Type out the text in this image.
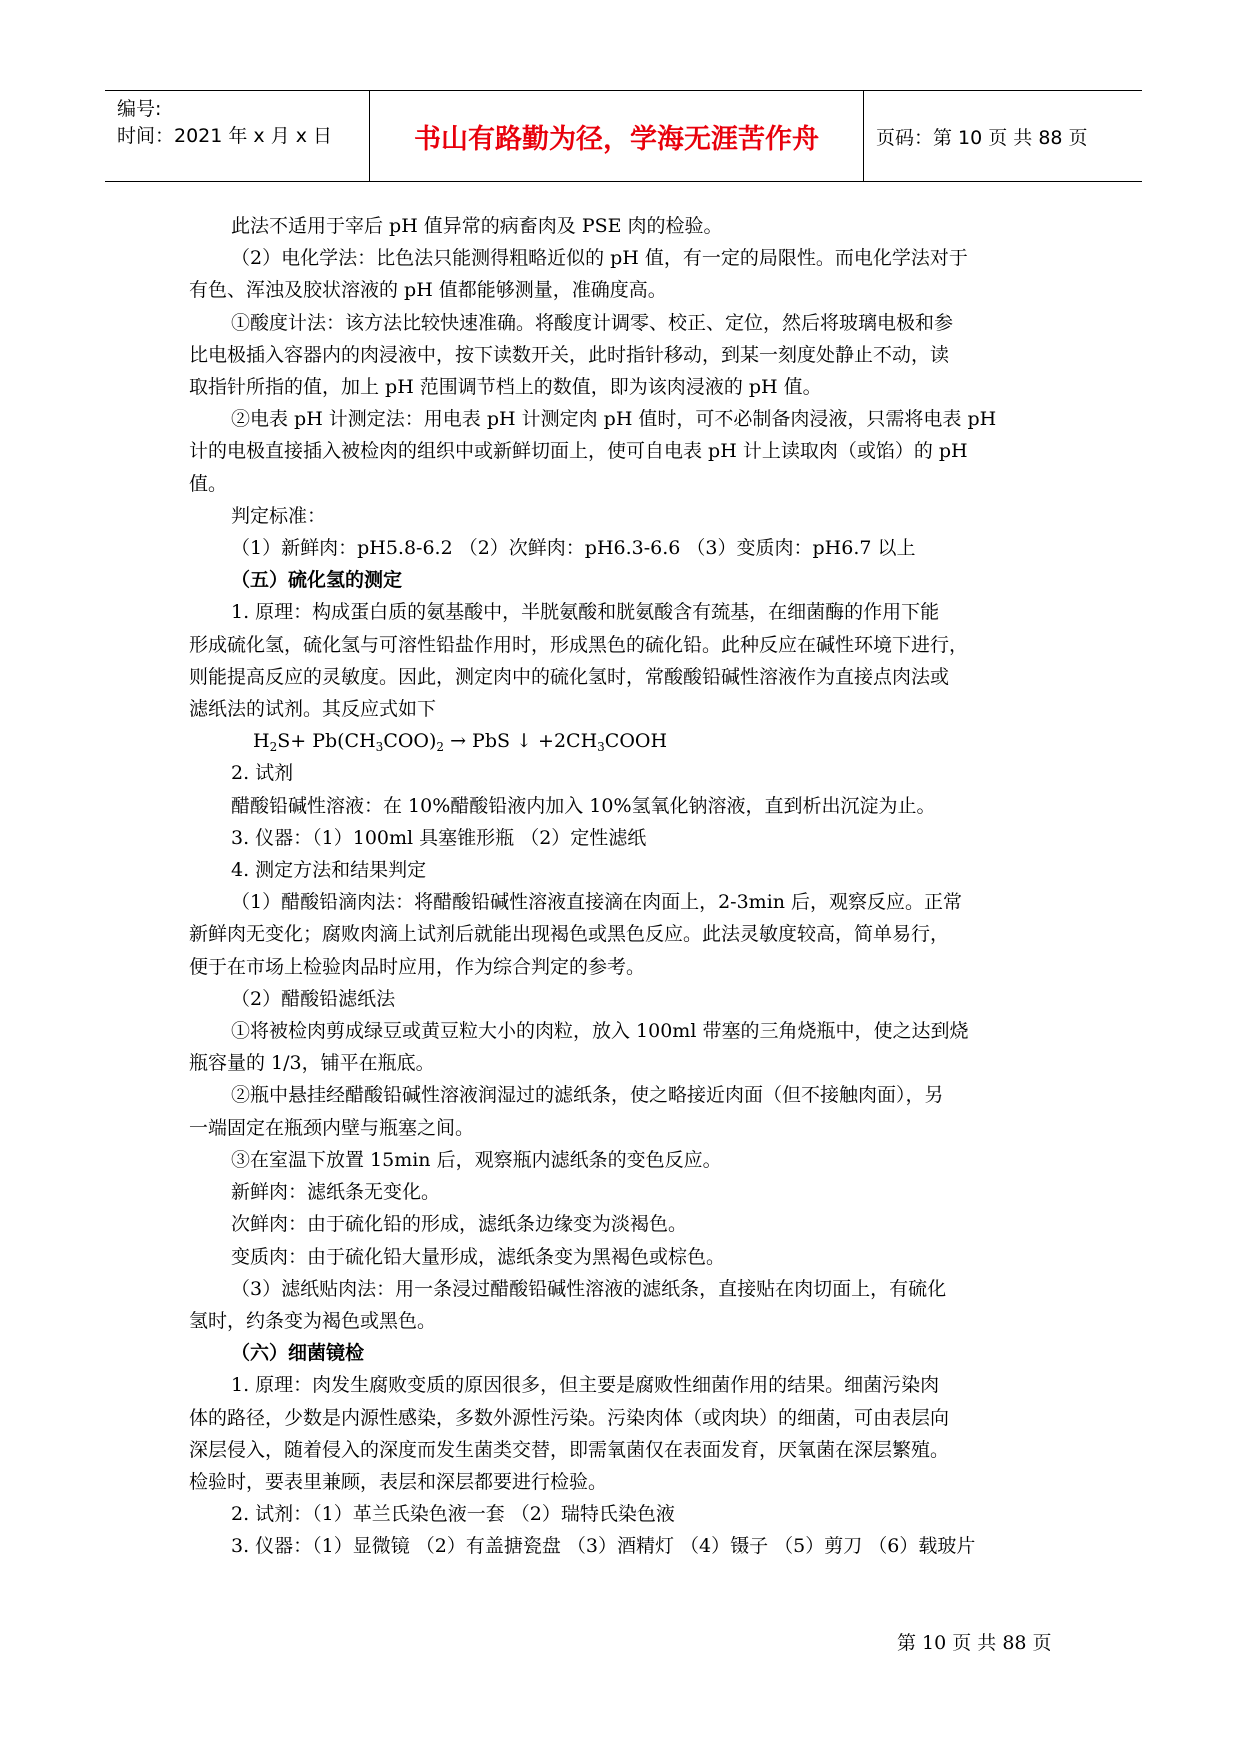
编号:
时间：2021 年 x 月 x 日	书山有路勤为径，学海无涯苦作舟	页码：第 10 页 共 88 页

此法不适用于宰后 pH 值异常的病畜肉及 PSE 肉的检验。

（2）电化学法：比色法只能测得粗略近似的 pH 值，有一定的局限性。而电化学法对于

有色、浑浊及胶状溶液的 pH 值都能够测量，准确度高。

①酸度计法：该方法比较快速准确。将酸度计调零、校正、定位，然后将玻璃电极和参

比电极插入容器内的肉浸液中，按下读数开关，此时指针移动，到某一刻度处静止不动，读

取指针所指的值，加上 pH 范围调节档上的数值，即为该肉浸液的 pH 值。

②电表 pH 计测定法：用电表 pH 计测定肉 pH 值时，可不必制备肉浸液，只需将电表 pH

计的电极直接插入被检肉的组织中或新鲜切面上，使可自电表 pH 计上读取肉（或馅）的 pH

值。

判定标准：

（1）新鲜肉：pH5.8-6.2 （2）次鲜肉：pH6.3-6.6 （3）变质肉：pH6.7 以上

（五）硫化氢的测定

1. 原理：构成蛋白质的氨基酸中，半胱氨酸和胱氨酸含有巯基，在细菌酶的作用下能

形成硫化氢，硫化氢与可溶性铅盐作用时，形成黑色的硫化铅。此种反应在碱性环境下进行，

则能提高反应的灵敏度。因此，测定肉中的硫化氢时，常酸酸铅碱性溶液作为直接点肉法或

滤纸法的试剂。其反应式如下

$H_2S+ Pb(CH_3COO)_2$ → PbS ↓ $+2CH_3COOH$

2. 试剂

醋酸铅碱性溶液：在 10%醋酸铅液内加入 10%氢氧化钠溶液，直到析出沉淀为止。

3. 仪器：（1）100ml 具塞锥形瓶 （2）定性滤纸

4. 测定方法和结果判定

（1）醋酸铅滴肉法：将醋酸铅碱性溶液直接滴在肉面上，2-3min 后，观察反应。正常

新鲜肉无变化；腐败肉滴上试剂后就能出现褐色或黑色反应。此法灵敏度较高，简单易行，

便于在市场上检验肉品时应用，作为综合判定的参考。

（2）醋酸铅滤纸法

①将被检肉剪成绿豆或黄豆粒大小的肉粒，放入 100ml 带塞的三角烧瓶中，使之达到烧

瓶容量的 1/3，铺平在瓶底。

②瓶中悬挂经醋酸铅碱性溶液润湿过的滤纸条，使之略接近肉面（但不接触肉面），另

一端固定在瓶颈内壁与瓶塞之间。

③在室温下放置 15min 后，观察瓶内滤纸条的变色反应。

新鲜肉：滤纸条无变化。

次鲜肉：由于硫化铅的形成，滤纸条边缘变为淡褐色。

变质肉：由于硫化铅大量形成，滤纸条变为黑褐色或棕色。

（3）滤纸贴肉法：用一条浸过醋酸铅碱性溶液的滤纸条，直接贴在肉切面上，有硫化

氢时，约条变为褐色或黑色。

（六）细菌镜检

1. 原理：肉发生腐败变质的原因很多，但主要是腐败性细菌作用的结果。细菌污染肉

体的路径，少数是内源性感染，多数外源性污染。污染肉体（或肉块）的细菌，可由表层向

深层侵入，随着侵入的深度而发生菌类交替，即需氧菌仅在表面发育，厌氧菌在深层繁殖。

检验时，要表里兼顾，表层和深层都要进行检验。

2. 试剂：（1）革兰氏染色液一套 （2）瑞特氏染色液

3. 仪器：（1）显微镜 （2）有盖搪瓷盘 （3）酒精灯 （4）镊子 （5）剪刀 （6）载玻片

第 10 页 共 88 页
